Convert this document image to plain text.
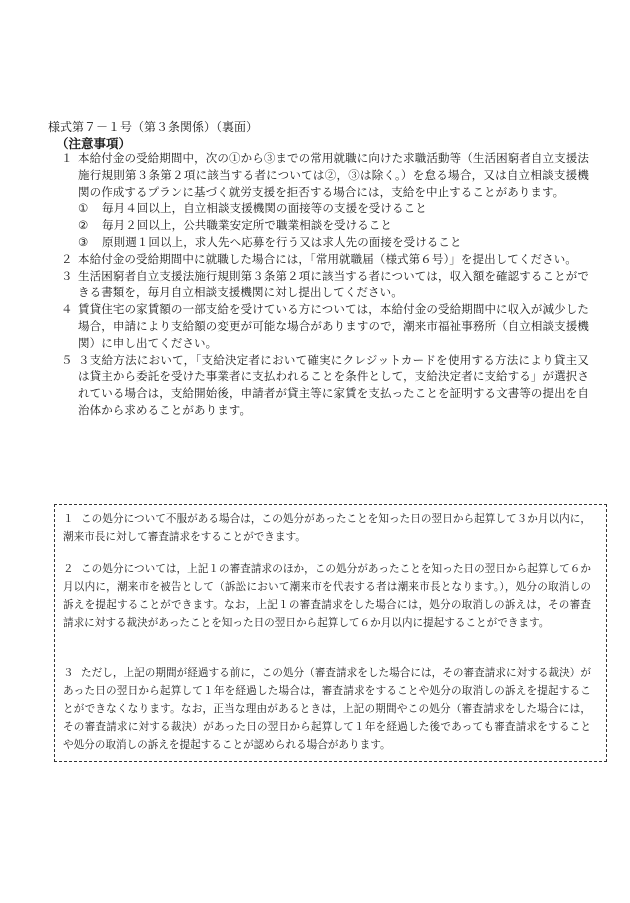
様式第７－１号（第３条関係）（裏面）
（注意事項）
１ 本給付金の受給期間中，次の①から③までの常用就職に向けた求職活動等（生活困窮者自立支援法施行規則第３条第２項に該当する者については②，③は除く。）を怠る場合，又は自立相談支援機関の作成するプランに基づく就労支援を拒否する場合には，支給を中止することがあります。
① 毎月４回以上，自立相談支援機関の面接等の支援を受けること
② 毎月２回以上，公共職業安定所で職業相談を受けること
③ 原則週１回以上，求人先へ応募を行う又は求人先の面接を受けること
２ 本給付金の受給期間中に就職した場合には，「常用就職届（様式第６号）」を提出してください。
３ 生活困窮者自立支援法施行規則第３条第２項に該当する者については，収入額を確認することができる書類を，毎月自立相談支援機関に対し提出してください。
４ 賃貸住宅の家賃額の一部支給を受けている方については，本給付金の受給期間中に収入が減少した場合，申請により支給額の変更が可能な場合がありますので，潮来市福祉事務所（自立相談支援機関）に申し出てください。
５ ３支給方法において，「支給決定者において確実にクレジットカードを使用する方法により貸主又は貸主から委託を受けた事業者に支払われることを条件として，支給決定者に支給する」が選択されている場合は，支給開始後，申請者が貸主等に家賃を支払ったことを証明する文書等の提出を自治体から求めることがあります。
１ この処分について不服がある場合は，この処分があったことを知った日の翌日から起算して３か月以内に，潮来市長に対して審査請求をすることができます。
２ この処分については，上記１の審査請求のほか，この処分があったことを知った日の翌日から起算して６か月以内に，潮来市を被告として（訴訟において潮来市を代表する者は潮来市長となります。），処分の取消しの訴えを提起することができます。なお，上記１の審査請求をした場合には，処分の取消しの訴えは，その審査請求に対する裁決があったことを知った日の翌日から起算して６か月以内に提起することができます。
３ ただし，上記の期間が経過する前に，この処分（審査請求をした場合には，その審査請求に対する裁決）があった日の翌日から起算して１年を経過した場合は，審査請求をすることや処分の取消しの訴えを提起することができなくなります。なお，正当な理由があるときは，上記の期間やこの処分（審査請求をした場合には，その審査請求に対する裁決）があった日の翌日から起算して１年を経過した後であっても審査請求をすることや処分の取消しの訴えを提起することが認められる場合があります。
